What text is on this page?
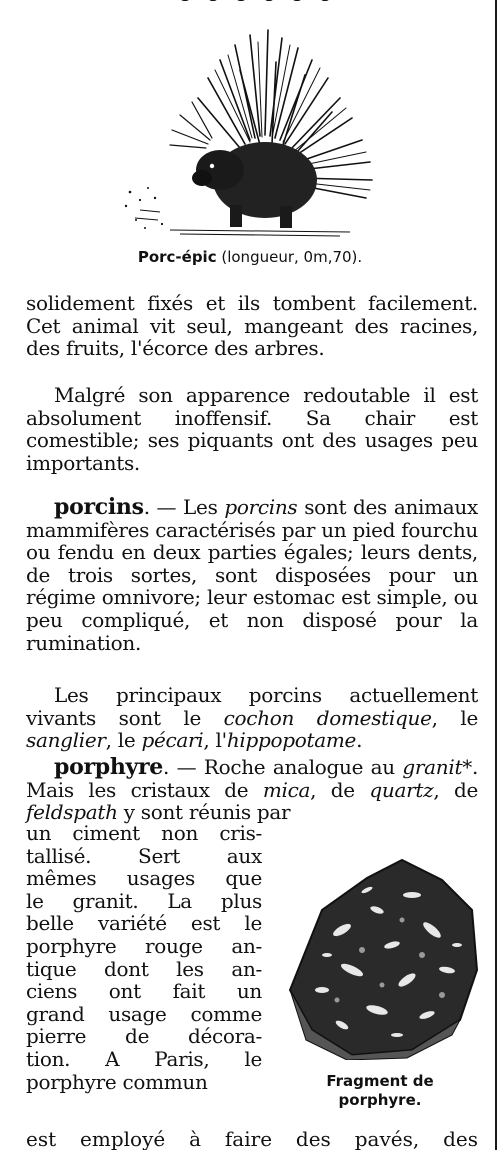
Porc-épic (longueur, 0m,70).

solidement fixés et ils tombent facilement. Cet animal vit seul, mangeant des racines, des fruits, l'écorce des arbres.

Malgré son apparence redoutable il est absolument inoffensif. Sa chair est comestible; ses piquants ont des usages peu importants.

porcins. — Les porcins sont des animaux mammifères caractérisés par un pied fourchu ou fendu en deux parties égales; leurs dents, de trois sortes, sont disposées pour un régime omnivore; leur estomac est simple, ou peu compliqué, et non disposé pour la rumination.

Les principaux porcins actuellement vivants sont le cochon domestique, le sanglier, le pécari, l'hippopotame.

porphyre. — Roche analogue au granit*. Mais les cristaux de mica, de quartz, de feldspath y sont réunis par

un ciment non cris-
tallisé. Sert aux
mêmes usages que
le granit. La plus
belle variété est le
porphyre rouge an-
tique dont les an-
ciens ont fait un
grand usage comme
pierre de décora-
tion. A Paris, le
porphyre commun	Fragment de
porphyre.
est employé à faire des pavés, des
